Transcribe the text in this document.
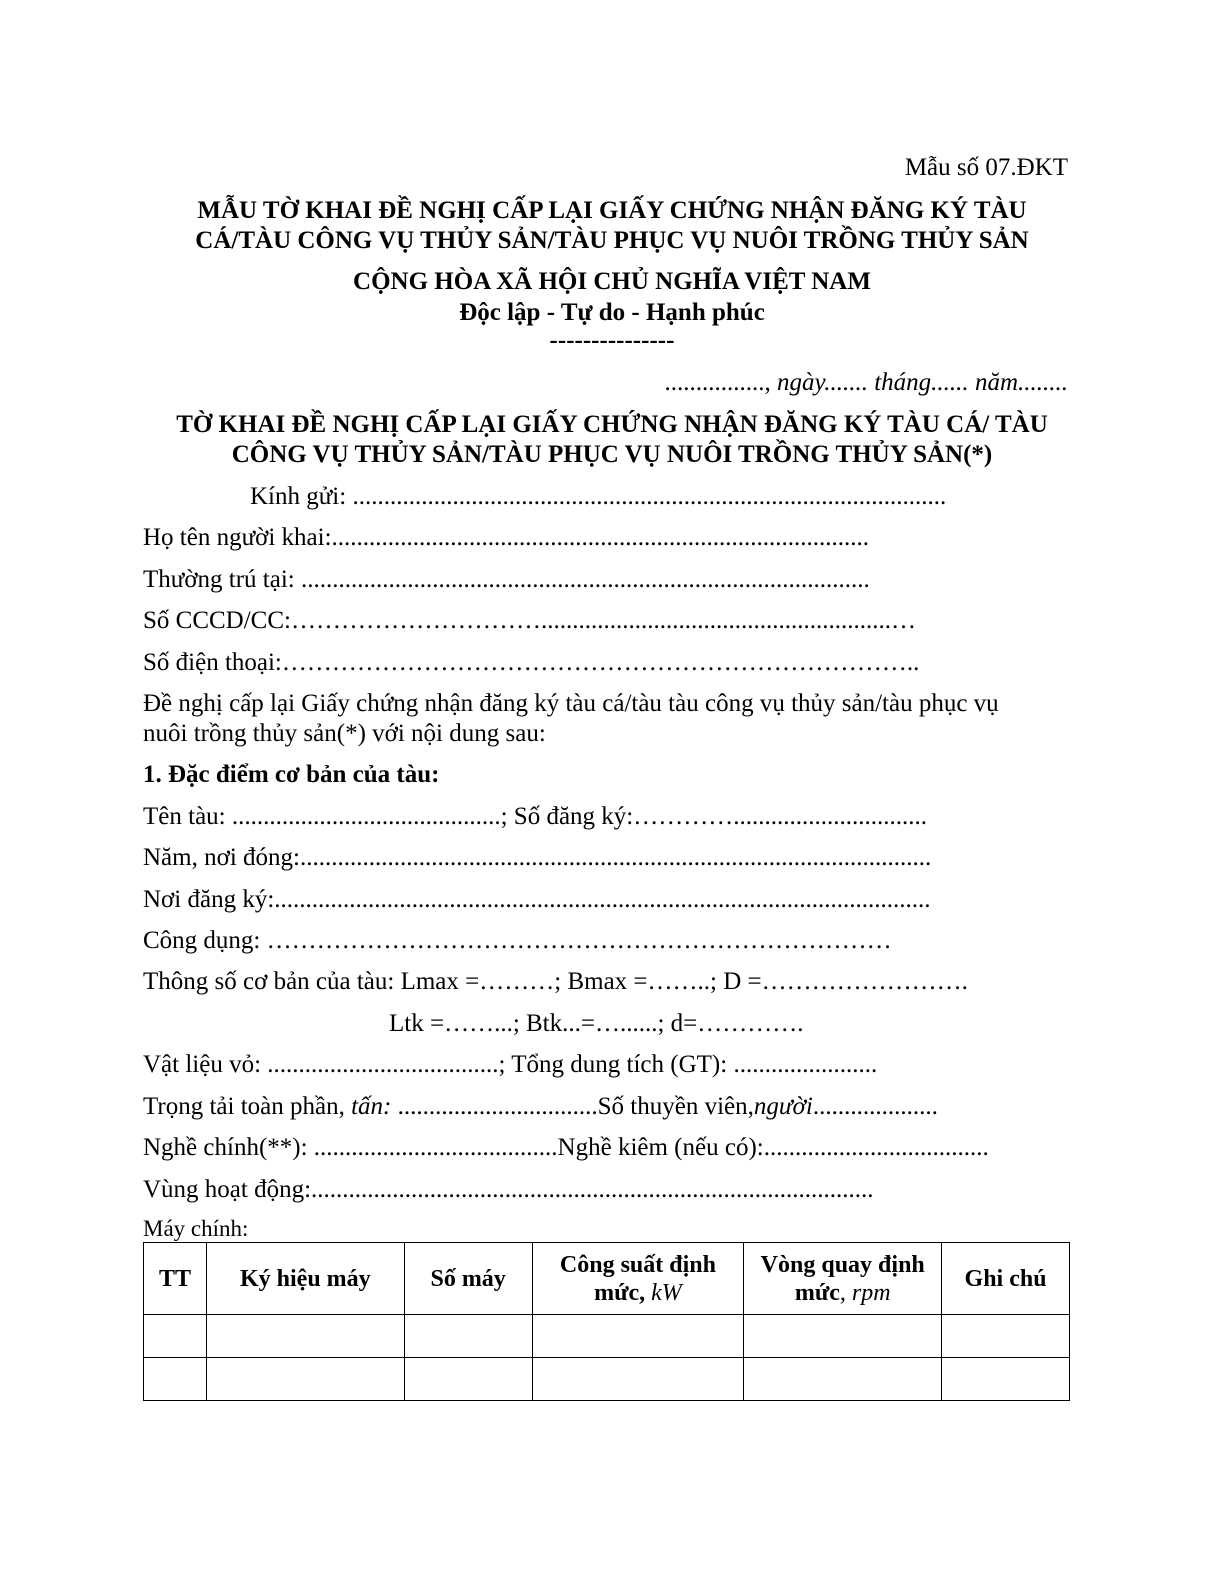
Mẫu số 07.ĐKT
MẪU TỜ KHAI ĐỀ NGHỊ CẤP LẠI GIẤY CHỨNG NHẬN ĐĂNG KÝ TÀU
CÁ/TÀU CÔNG VỤ THỦY SẢN/TÀU PHỤC VỤ NUÔI TRỒNG THỦY SẢN
CỘNG HÒA XÃ HỘI CHỦ NGHĨA VIỆT NAM
Độc lập - Tự do - Hạnh phúc
---------------
................, ngày....... tháng...... năm........
TỜ KHAI ĐỀ NGHỊ CẤP LẠI GIẤY CHỨNG NHẬN ĐĂNG KÝ TÀU CÁ/ TÀU
CÔNG VỤ THỦY SẢN/TÀU PHỤC VỤ NUÔI TRỒNG THỦY SẢN(*)
Kính gửi: ...............................................................................................
Họ tên người khai:......................................................................................
Thường trú tại: ...........................................................................................
Số CCCD/CC:…………………………........................................................…
Số điện thoại:…………………………………………………………………..
Đề nghị cấp lại Giấy chứng nhận đăng ký tàu cá/tàu tàu công vụ thủy sản/tàu phục vụ nuôi trồng thủy sản(*) với nội dung sau:
1. Đặc điểm cơ bản của tàu:
Tên tàu: ...........................................; Số đăng ký:…………...............................
Năm, nơi đóng:.....................................................................................................
Nơi đăng ký:.........................................................................................................
Công dụng: …………………………………………………………………
Thông số cơ bản của tàu: Lmax =………; Bmax =……..; D =…………………….
Ltk =……...; Btk...=…......; d=………….
Vật liệu vỏ: .....................................; Tổng dung tích (GT): .......................
Trọng tải toàn phần, tấn: ................................Số thuyền viên,người....................
Nghề chính(**): .......................................Nghề kiêm (nếu có):....................................
Vùng hoạt động:..........................................................................................
Máy chính:
TT	Ký hiệu máy	Số máy	Công suất định mức, kW	Vòng quay định mức, rpm	Ghi chú
